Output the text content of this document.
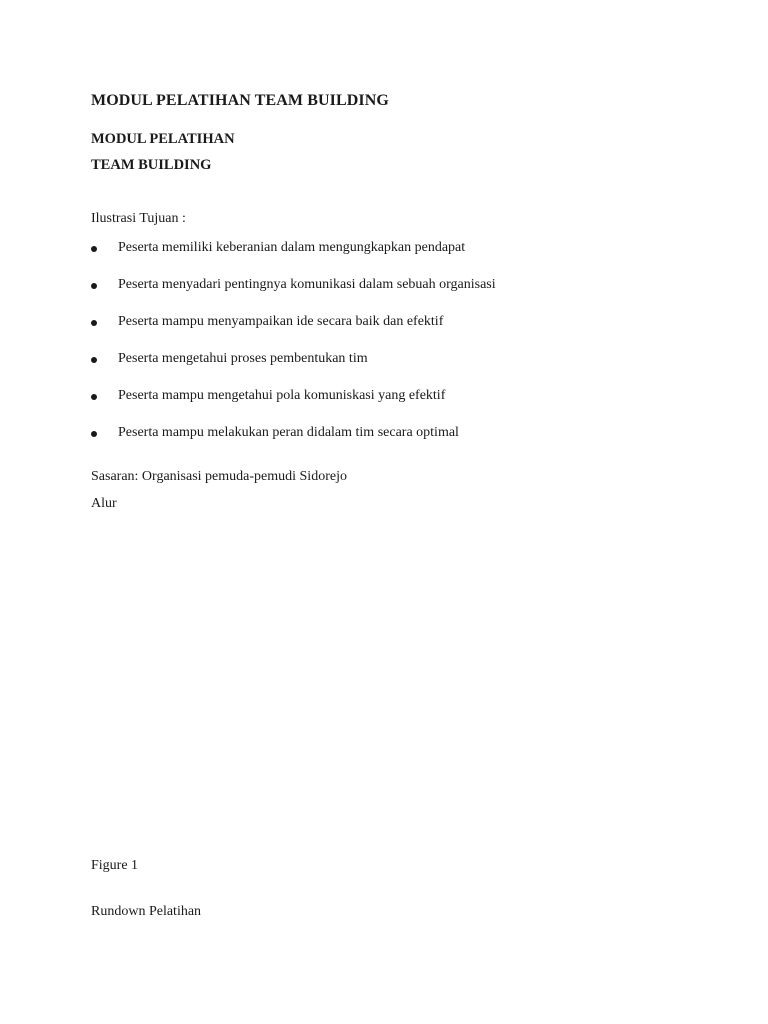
MODUL PELATIHAN TEAM BUILDING
MODUL PELATIHAN
TEAM BUILDING

Ilustrasi Tujuan :

Peserta memiliki keberanian dalam mengungkapkan pendapat
Peserta menyadari pentingnya komunikasi dalam sebuah organisasi
Peserta mampu menyampaikan ide secara baik dan efektif
Peserta mengetahui proses pembentukan tim
Peserta mampu mengetahui pola komuniskasi yang efektif
Peserta mampu melakukan peran didalam tim secara optimal

Sasaran: Organisasi pemuda-pemudi Sidorejo

Alur

Figure 1

Rundown Pelatihan
